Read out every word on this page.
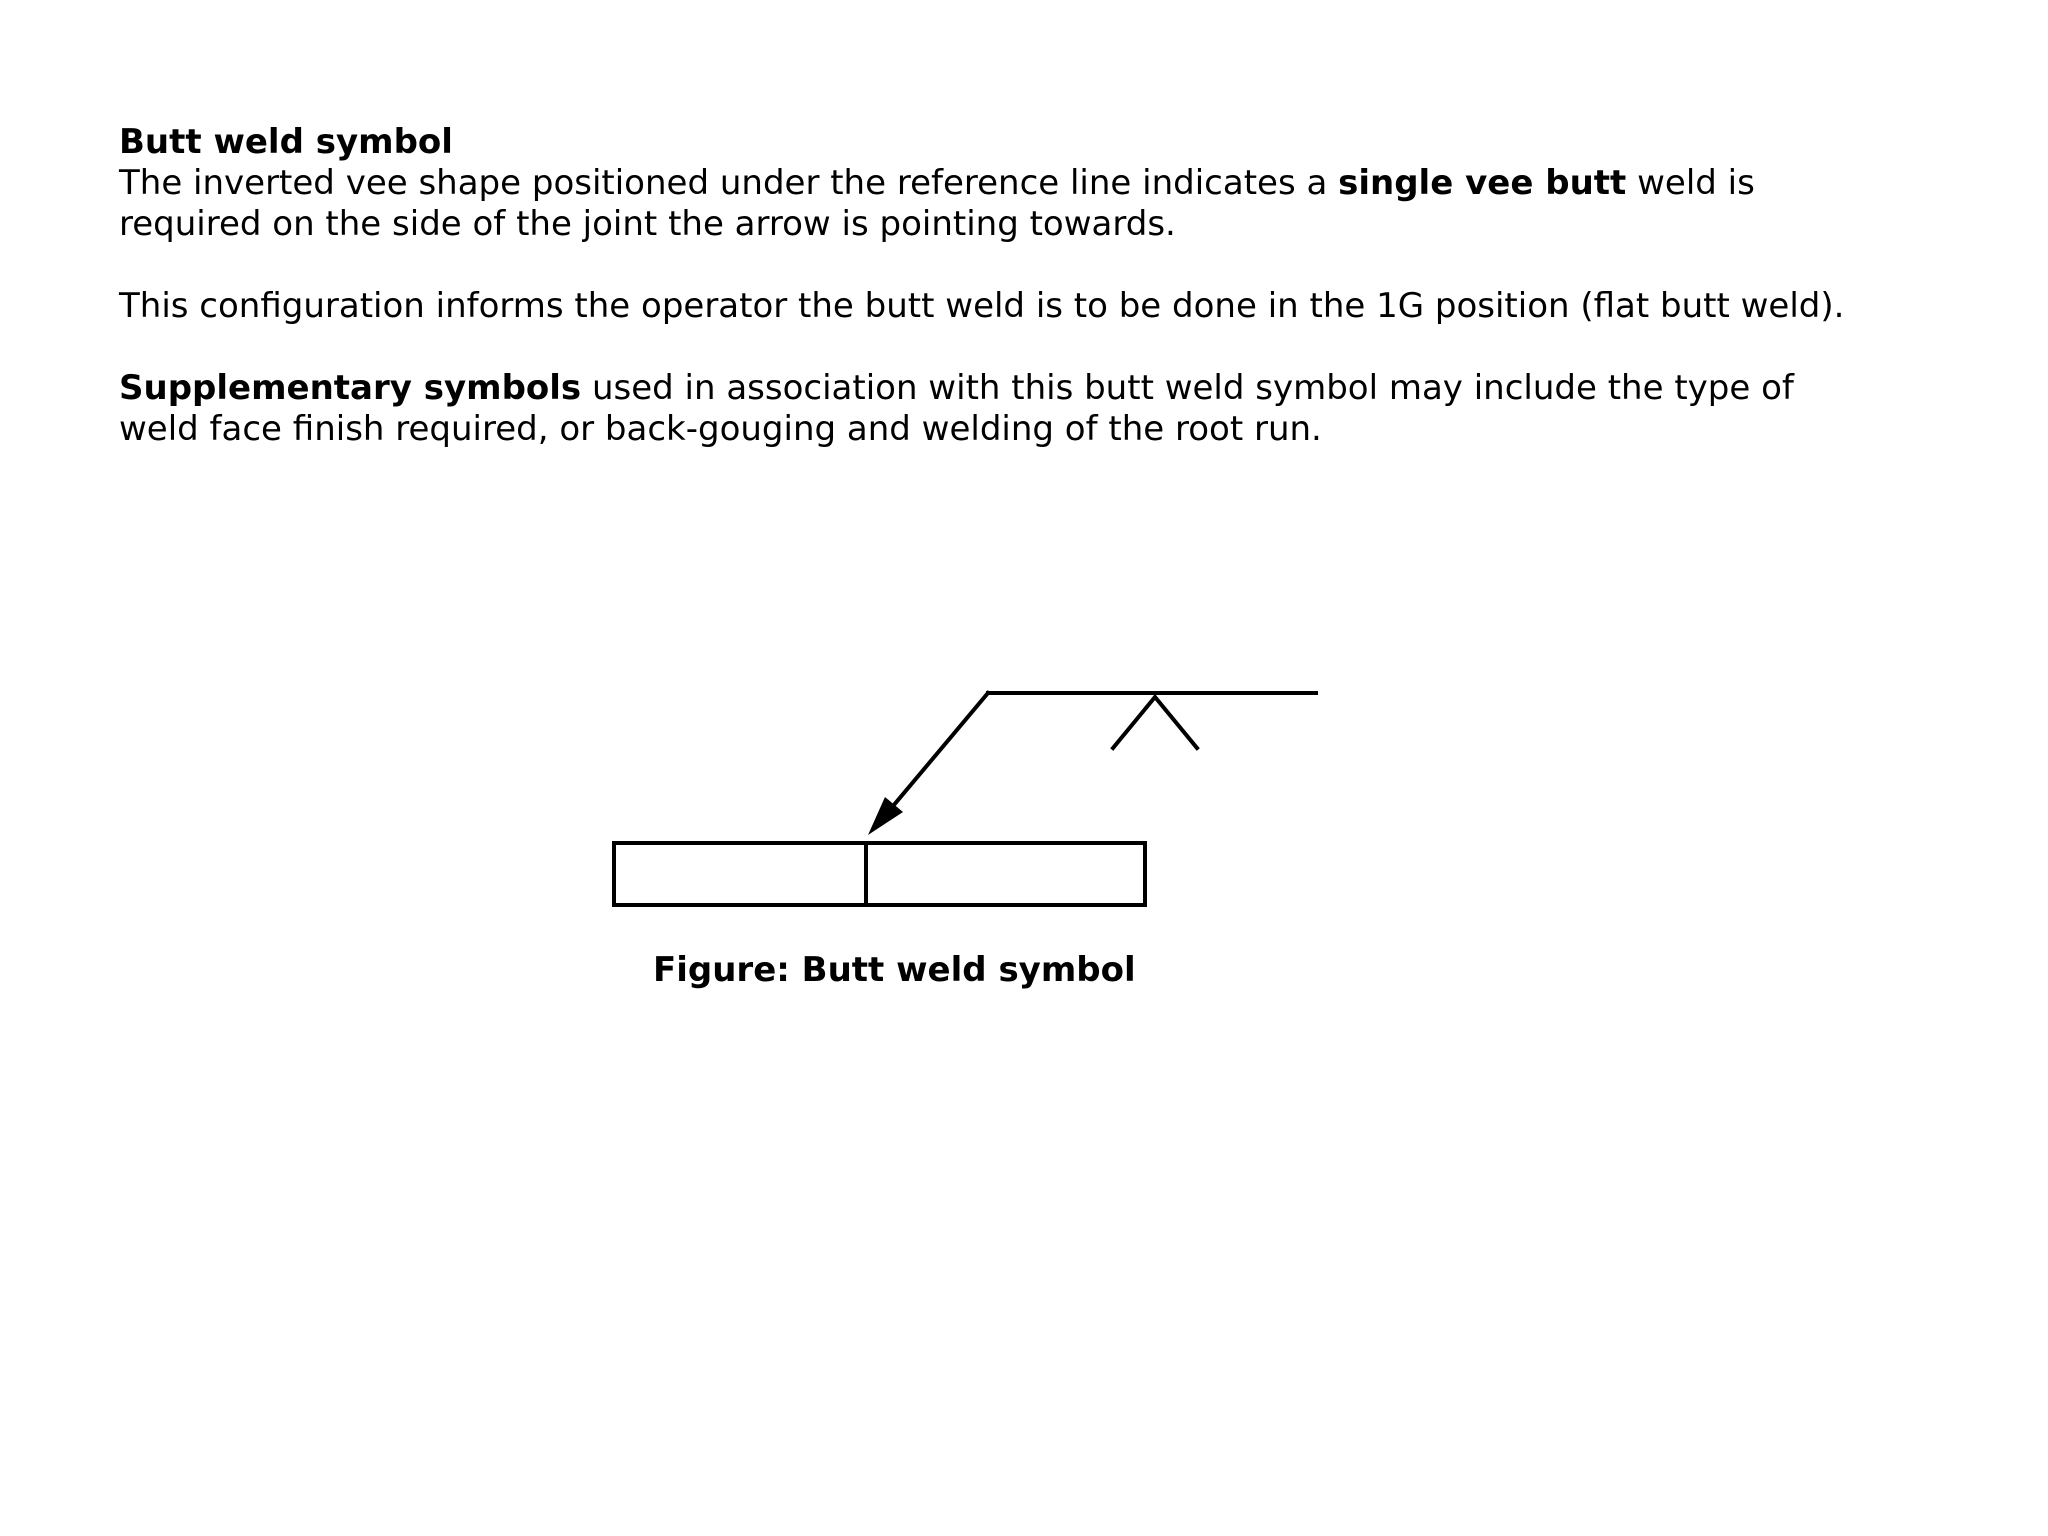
Butt weld symbol

The inverted vee shape positioned under the reference line indicates a single vee butt weld is required on the side of the joint the arrow is pointing towards.

This configuration informs the operator the butt weld is to be done in the 1G position (flat butt weld).

Supplementary symbols used in association with this butt weld symbol may include the type of weld face finish required, or back-gouging and welding of the root run.

Figure: Butt weld symbol
